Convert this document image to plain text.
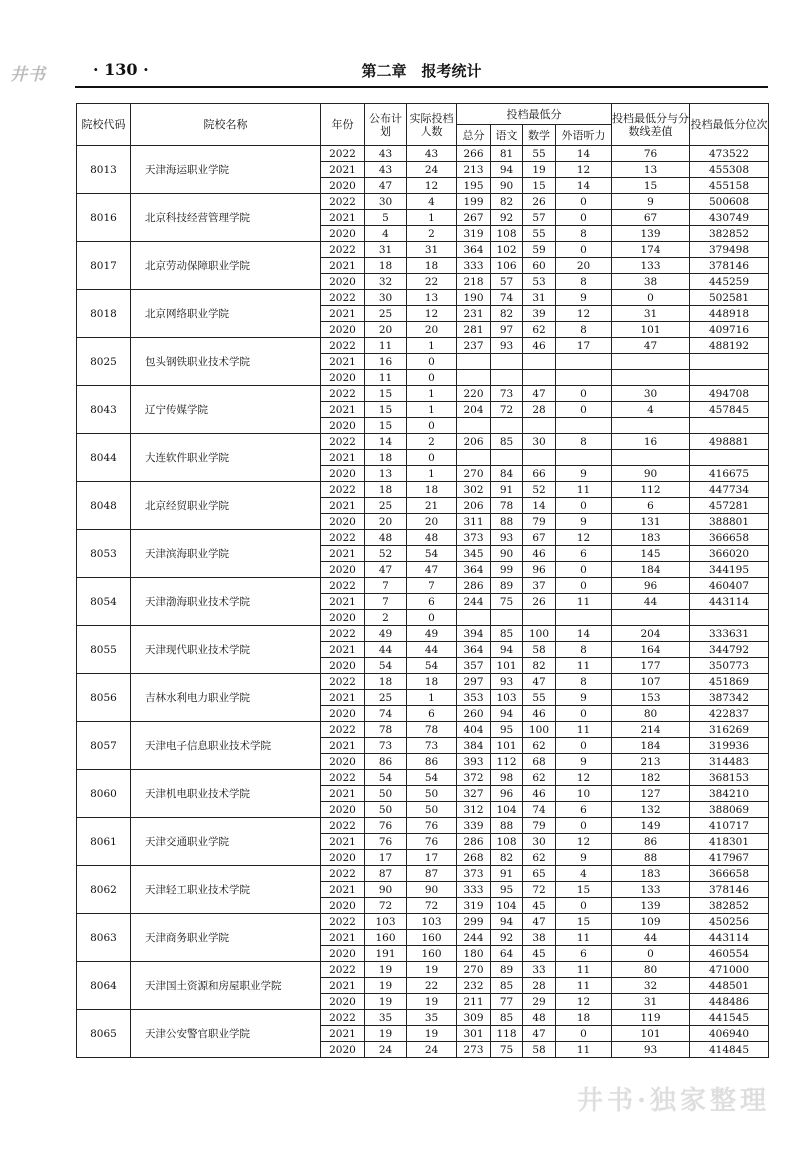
· 130 ·	第二章　报考统计
井书
院校代码	院校名称	年份	公布计划	实际投档人数	投档最低分				投档最低分与分数线差值	投档最低分位次
					总分	语文	数学	外语听力		
8013	天津海运职业学院	2022	43	43	266	81	55	14	76	473522
		2021	43	24	213	94	19	12	13	455308
		2020	47	12	195	90	15	14	15	455158
8016	北京科技经营管理学院	2022	30	4	199	82	26	0	9	500608
		2021	5	1	267	92	57	0	67	430749
		2020	4	2	319	108	55	8	139	382852
8017	北京劳动保障职业学院	2022	31	31	364	102	59	0	174	379498
		2021	18	18	333	106	60	20	133	378146
		2020	32	22	218	57	53	8	38	445259
8018	北京网络职业学院	2022	30	13	190	74	31	9	0	502581
		2021	25	12	231	82	39	12	31	448918
		2020	20	20	281	97	62	8	101	409716
8025	包头钢铁职业技术学院	2022	11	1	237	93	46	17	47	488192
		2021	16	0						
		2020	11	0						
8043	辽宁传媒学院	2022	15	1	220	73	47	0	30	494708
		2021	15	1	204	72	28	0	4	457845
		2020	15	0						
8044	大连软件职业学院	2022	14	2	206	85	30	8	16	498881
		2021	18	0						
		2020	13	1	270	84	66	9	90	416675
8048	北京经贸职业学院	2022	18	18	302	91	52	11	112	447734
		2021	25	21	206	78	14	0	6	457281
		2020	20	20	311	88	79	9	131	388801
8053	天津滨海职业学院	2022	48	48	373	93	67	12	183	366658
		2021	52	54	345	90	46	6	145	366020
		2020	47	47	364	99	96	0	184	344195
8054	天津渤海职业技术学院	2022	7	7	286	89	37	0	96	460407
		2021	7	6	244	75	26	11	44	443114
		2020	2	0						
8055	天津现代职业技术学院	2022	49	49	394	85	100	14	204	333631
		2021	44	44	364	94	58	8	164	344792
		2020	54	54	357	101	82	11	177	350773
8056	吉林水利电力职业学院	2022	18	18	297	93	47	8	107	451869
		2021	25	1	353	103	55	9	153	387342
		2020	74	6	260	94	46	0	80	422837
8057	天津电子信息职业技术学院	2022	78	78	404	95	100	11	214	316269
		2021	73	73	384	101	62	0	184	319936
		2020	86	86	393	112	68	9	213	314483
8060	天津机电职业技术学院	2022	54	54	372	98	62	12	182	368153
		2021	50	50	327	96	46	10	127	384210
		2020	50	50	312	104	74	6	132	388069
8061	天津交通职业学院	2022	76	76	339	88	79	0	149	410717
		2021	76	76	286	108	30	12	86	418301
		2020	17	17	268	82	62	9	88	417967
8062	天津轻工职业技术学院	2022	87	87	373	91	65	4	183	366658
		2021	90	90	333	95	72	15	133	378146
		2020	72	72	319	104	45	0	139	382852
8063	天津商务职业学院	2022	103	103	299	94	47	15	109	450256
		2021	160	160	244	92	38	11	44	443114
		2020	191	160	180	64	45	6	0	460554
8064	天津国土资源和房屋职业学院	2022	19	19	270	89	33	11	80	471000
		2021	19	22	232	85	28	11	32	448501
		2020	19	19	211	77	29	12	31	448486
8065	天津公安警官职业学院	2022	35	35	309	85	48	18	119	441545
		2021	19	19	301	118	47	0	101	406940
		2020	24	24	273	75	58	11	93	414845
井书·独家整理
